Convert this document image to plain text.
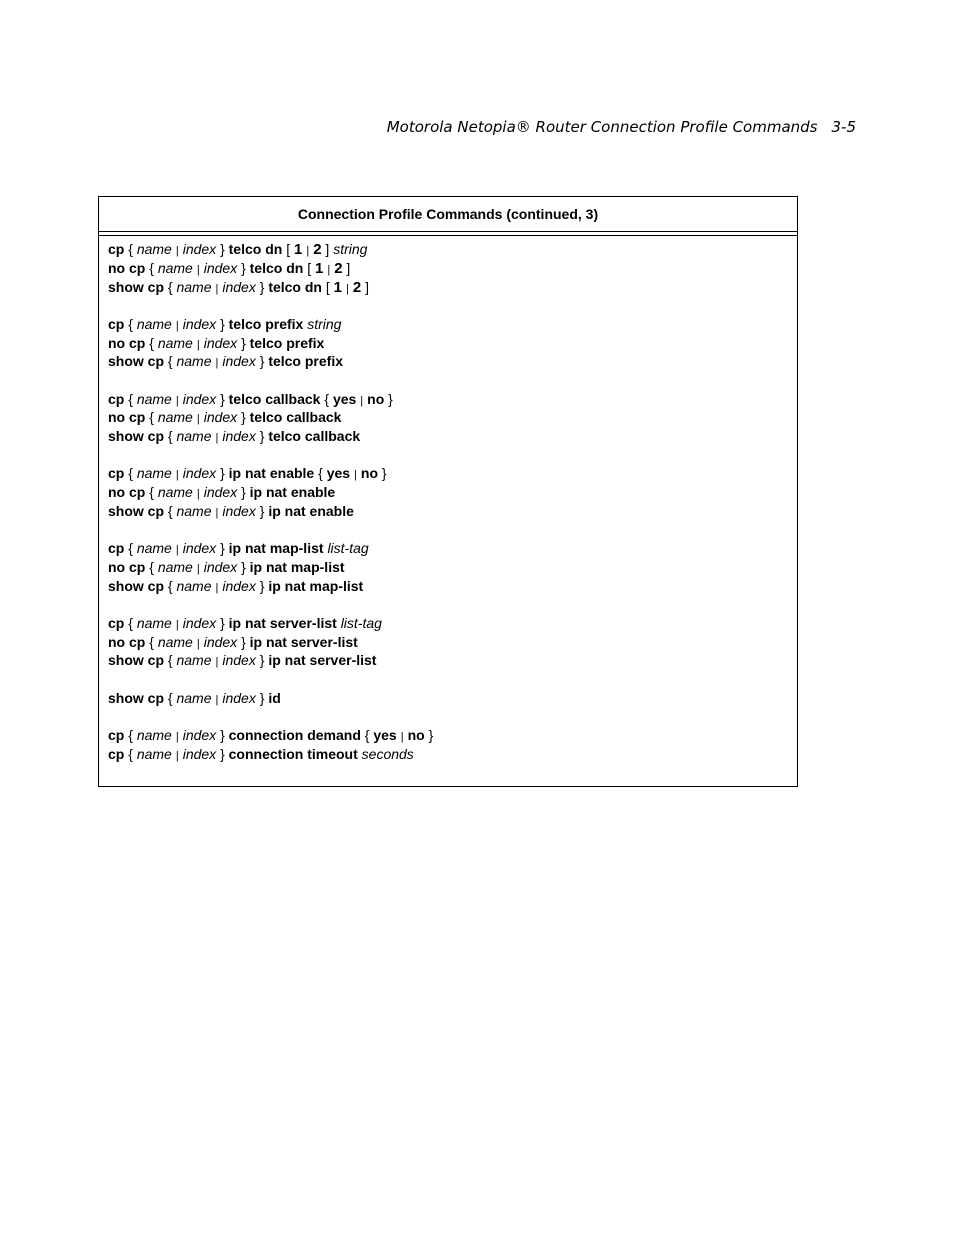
Motorola Netopia® Router Connection Profile Commands 3-5
Connection Profile Commands (continued, 3)
cp { name | index } telco dn [ 1 | 2 ] string
no cp { name | index } telco dn [ 1 | 2 ]
show cp { name | index } telco dn [ 1 | 2 ]
cp { name | index } telco prefix string
no cp { name | index } telco prefix
show cp { name | index } telco prefix
cp { name | index } telco callback { yes | no }
no cp { name | index } telco callback
show cp { name | index } telco callback
cp { name | index } ip nat enable { yes | no }
no cp { name | index } ip nat enable
show cp { name | index } ip nat enable
cp { name | index } ip nat map-list list-tag
no cp { name | index } ip nat map-list
show cp { name | index } ip nat map-list
cp { name | index } ip nat server-list list-tag
no cp { name | index } ip nat server-list
show cp { name | index } ip nat server-list
show cp { name | index } id
cp { name | index } connection demand { yes | no }
cp { name | index } connection timeout seconds
